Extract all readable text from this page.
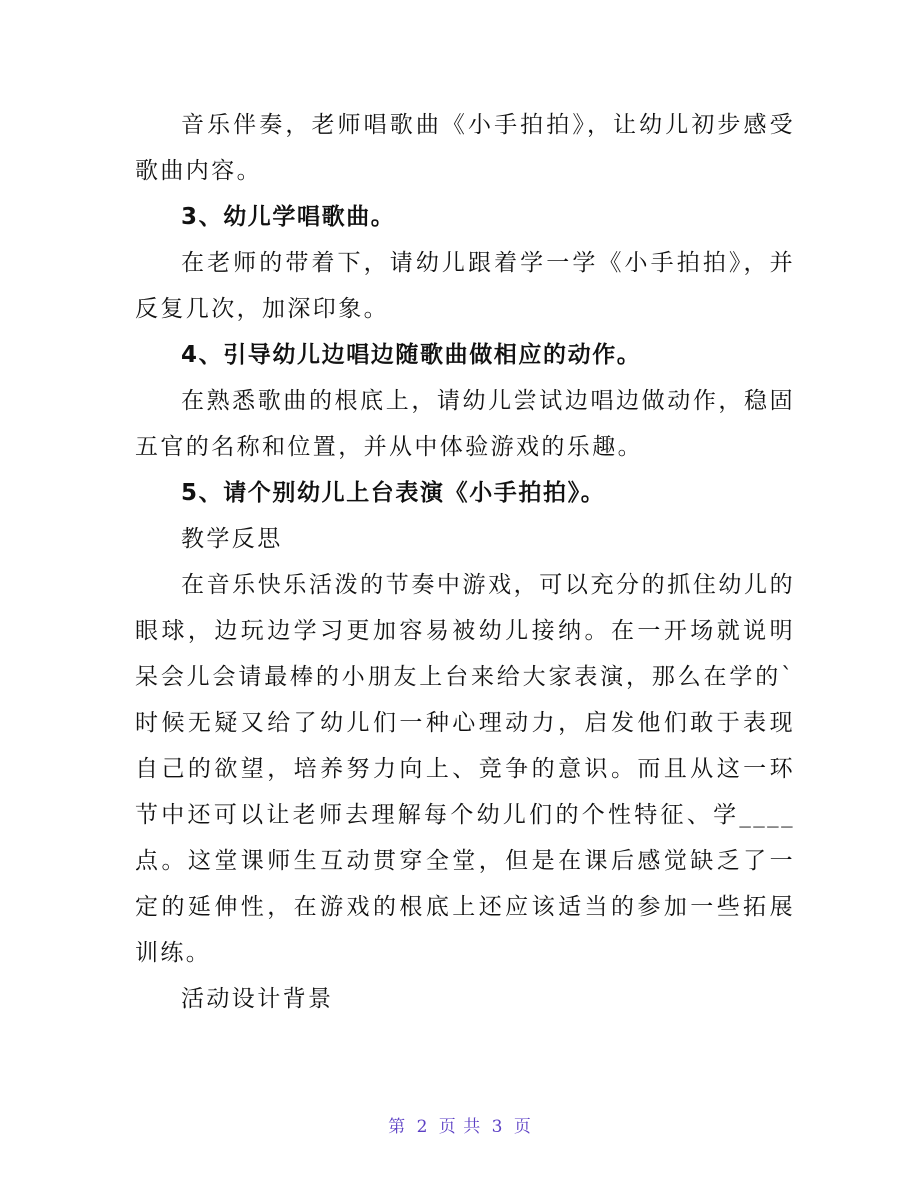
音乐伴奏，老师唱歌曲《小手拍拍》，让幼儿初步感受歌曲内容。

3、幼儿学唱歌曲。

在老师的带着下，请幼儿跟着学一学《小手拍拍》，并反复几次，加深印象。

4、引导幼儿边唱边随歌曲做相应的动作。

在熟悉歌曲的根底上，请幼儿尝试边唱边做动作，稳固五官的名称和位置，并从中体验游戏的乐趣。

5、请个别幼儿上台表演《小手拍拍》。

教学反思

在音乐快乐活泼的节奏中游戏，可以充分的抓住幼儿的眼球，边玩边学习更加容易被幼儿接纳。在一开场就说明呆会儿会请最棒的小朋友上台来给大家表演，那么在学的`时候无疑又给了幼儿们一种心理动力，启发他们敢于表现自己的欲望，培养努力向上、竞争的意识。而且从这一环节中还可以让老师去理解每个幼儿们的个性特征、学____点。这堂课师生互动贯穿全堂，但是在课后感觉缺乏了一定的延伸性，在游戏的根底上还应该适当的参加一些拓展训练。

活动设计背景

第 2 页 共 3 页
